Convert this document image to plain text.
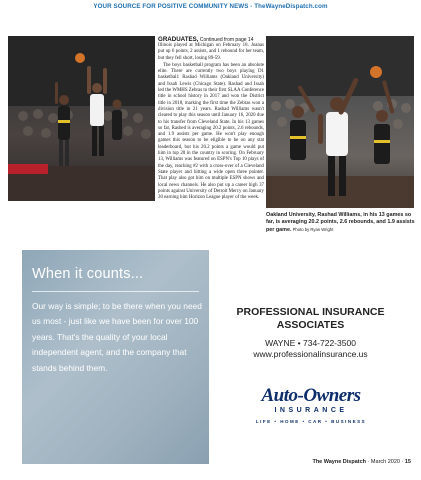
YOUR SOURCE FOR POSITIVE COMMUNITY NEWS - TheWayneDispatch.com
GRADUATES, Continued from page 14

Illinois played at Michigan on February 18. Joanas put up 6 points, 2 assists, and 1 rebound for her team, but they fell short, losing 89-59.

The boys basketball program has been an absolute elite. There are currently two boys playing D1 basketball: Rashad Williams (Oakland University) and Issah Lewis (Chicago State). Rashad and Issah led the WMHS Zebras to their first SLAA Conference title in school history in 2017 and won the District title in 2018, marking the first time the Zebras won a division title in 21 years. Rashad Williams wasn't cleared to play this season until January 16, 2020 due to his transfer from Cleveland State. In his 13 games so far, Rashed is averaging 20.2 points, 2.6 rebounds, and 1.9 assists per game. He won't play enough games this season to be eligible to be on any stat leaderboard, but his 20.2 points a game would put him in top 20 in the country in scoring. On February 13, Williams was featured on ESPN's Top 10 plays of the day, reaching #2 with a cross-over of a Cleveland State player and hitting a wide open three pointer. That play also got him on multiple ESPN shows and local news channels. He also put up a career high 37 points against University of Detroit Mercy on January 30 earning him Horizon League player of the week.

Oakland University, Rashad Williams, in his 13 games so far, is averaging 20.2 points, 2.6 rebounds, and 1.9 assists per game. Photo by Ryan Wright
When it counts...
Our way is simple; to be there when you need us most - just like we have been for over 100 years. That's the quality of your local independent agent, and the company that stands behind them.
PROFESSIONAL INSURANCE
ASSOCIATES
WAYNE • 734-722-3500
www.professionalinsurance.us
Auto-Owners
INSURANCE
LIFE • HOME • CAR • BUSINESS
The Wayne Dispatch · March 2020 · 15
